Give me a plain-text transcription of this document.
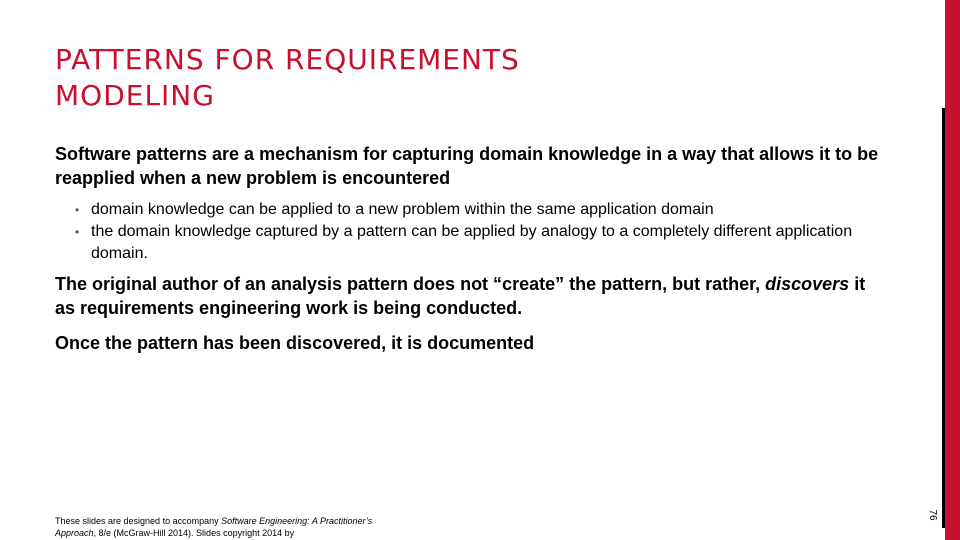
PATTERNS FOR REQUIREMENTS
MODELING

Software patterns are a mechanism for capturing domain knowledge in a way that allows it to be reapplied when a new problem is encountered

• domain knowledge can be applied to a new problem within the same application domain
• the domain knowledge captured by a pattern can be applied by analogy to a completely different application domain.

The original author of an analysis pattern does not “create” the pattern, but rather, discovers it as requirements engineering work is being conducted.

Once the pattern has been discovered, it is documented

These slides are designed to accompany Software Engineering: A Practitioner’s Approach, 8/e (McGraw-Hill 2014). Slides copyright 2014 by
76
